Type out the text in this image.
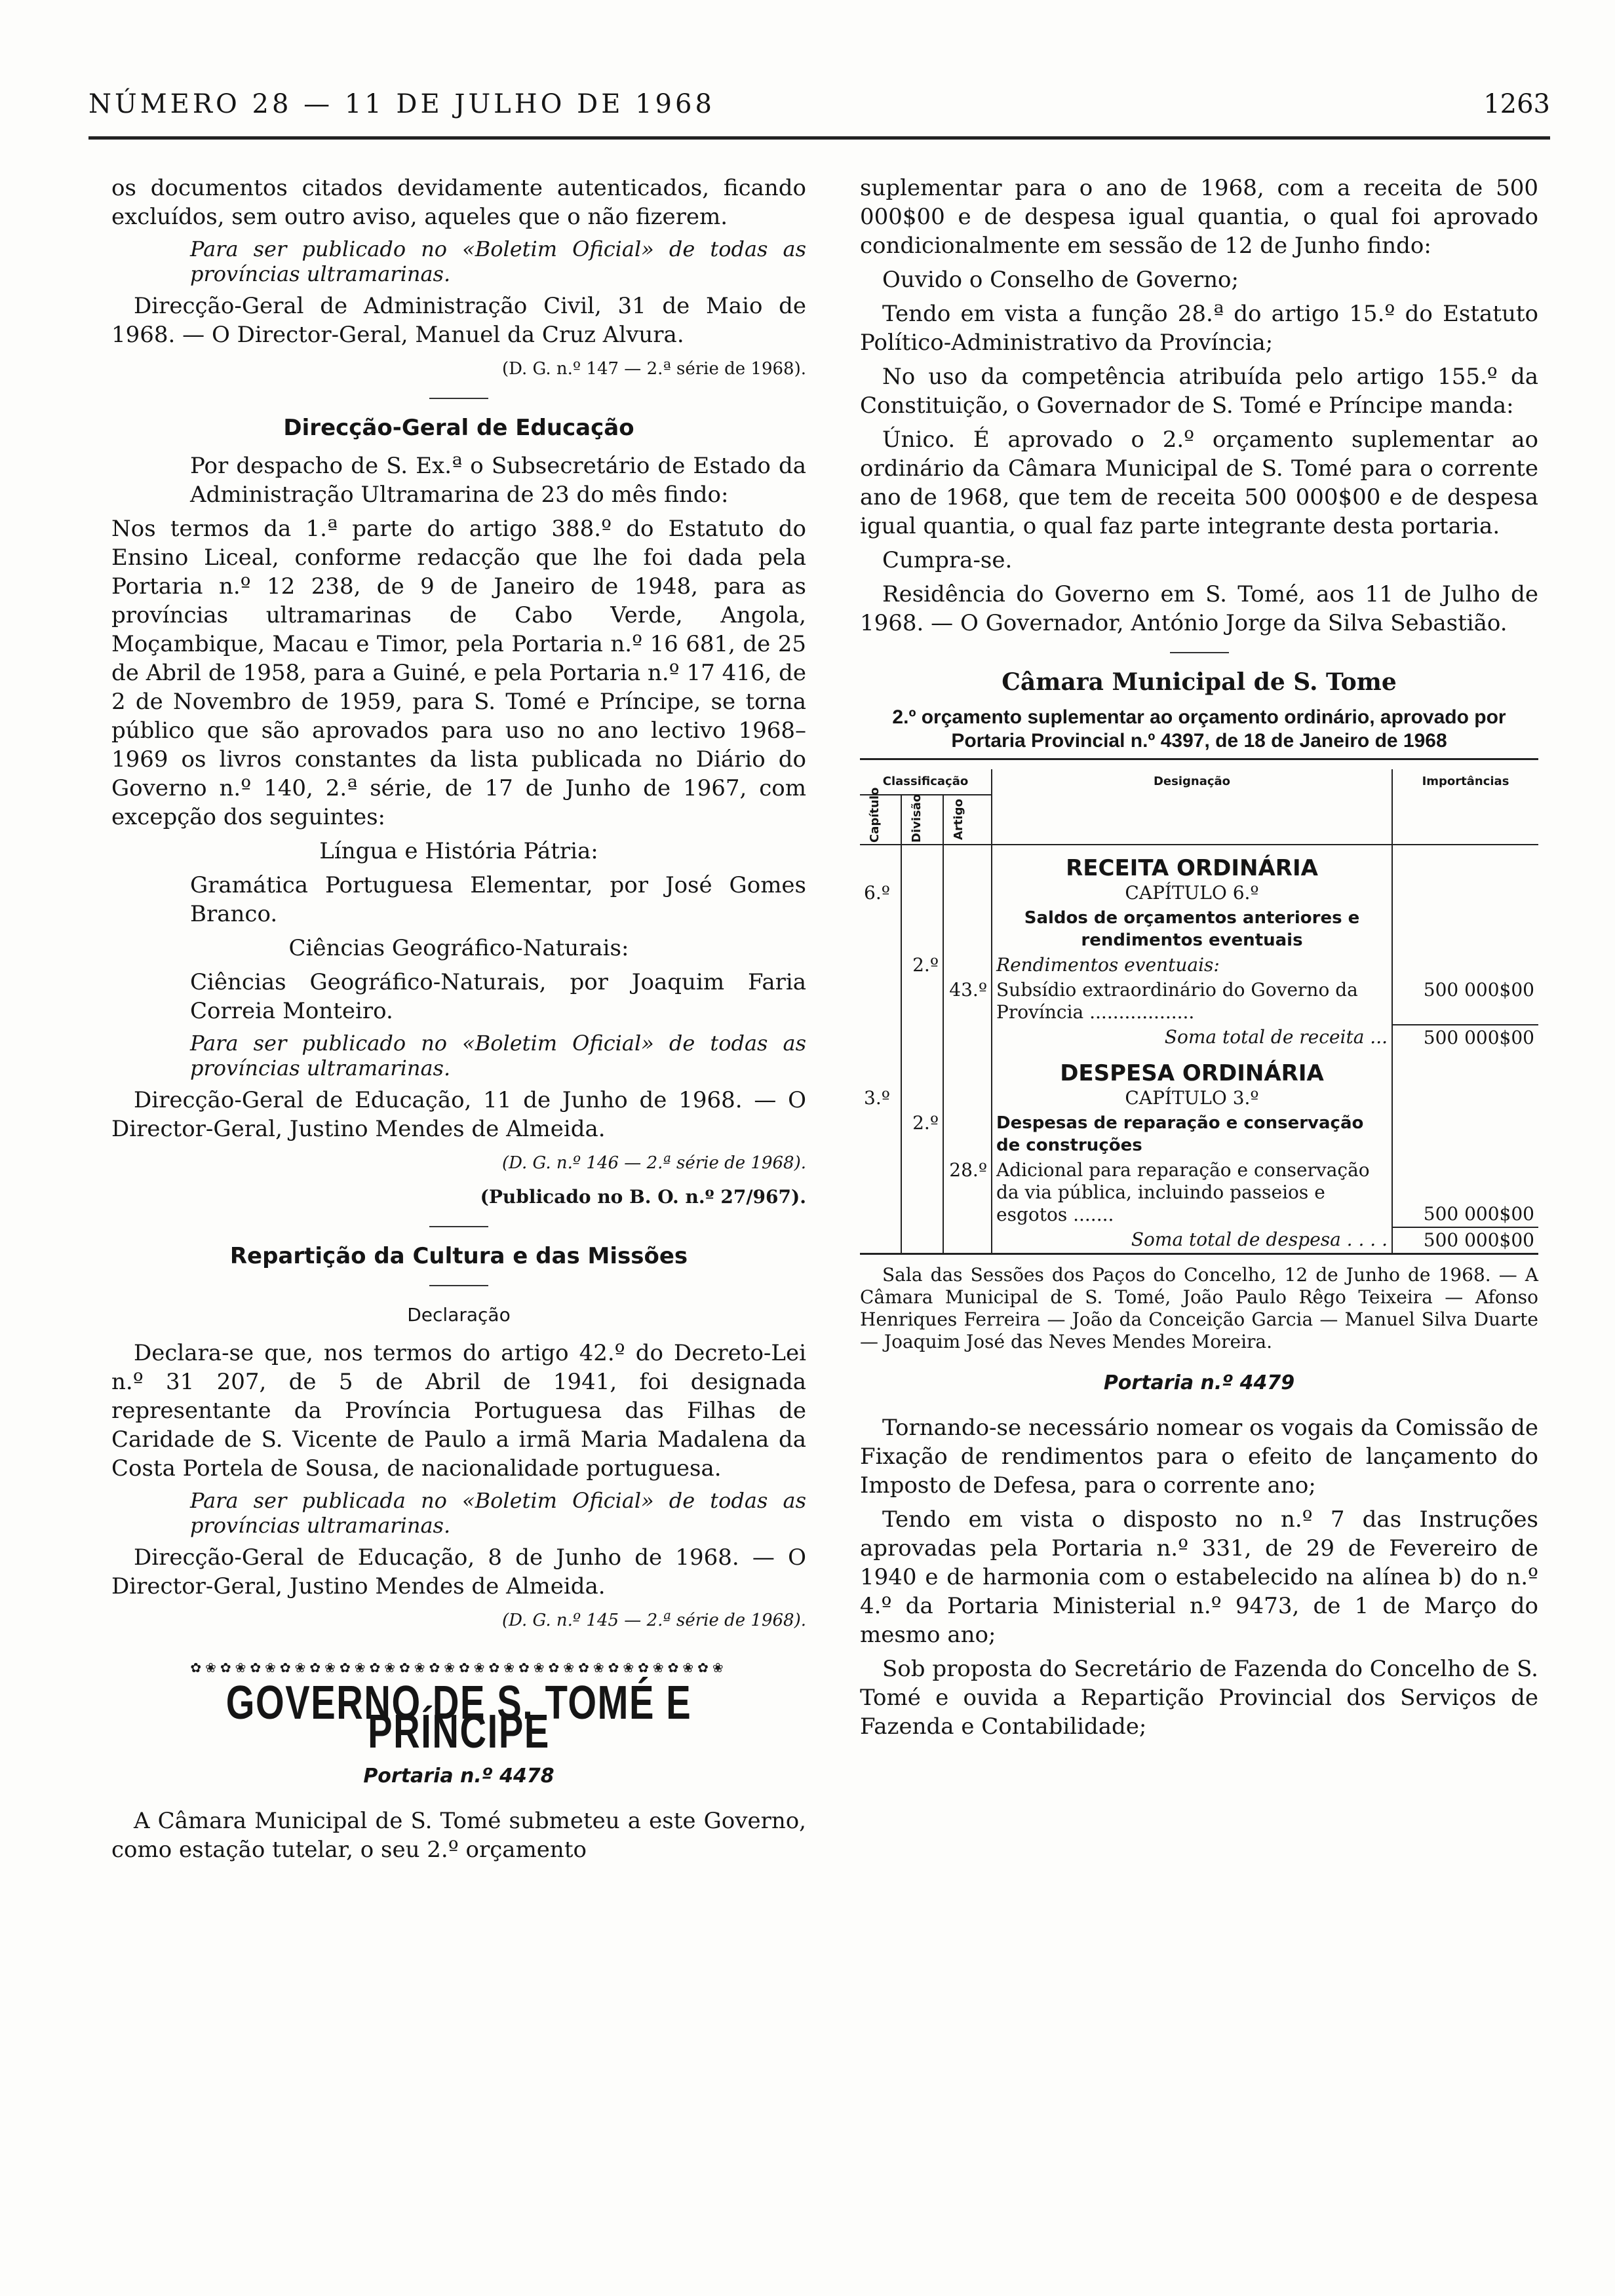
NÚMERO 28 — 11 DE JULHO DE 1968	1263

os documentos citados devidamente autenticados, ficando excluídos, sem outro aviso, aqueles que o não fizerem.

Para ser publicado no «Boletim Oficial» de todas as províncias ultramarinas.

Direcção-Geral de Administração Civil, 31 de Maio de 1968. — O Director-Geral, Manuel da Cruz Alvura.

(D. G. n.º 147 — 2.ª série de 1968).

Direcção-Geral de Educação

Por despacho de S. Ex.ª o Subsecretário de Estado da Administração Ultramarina de 23 do mês findo:

Nos termos da 1.ª parte do artigo 388.º do Estatuto do Ensino Liceal, conforme redacção que lhe foi dada pela Portaria n.º 12 238, de 9 de Janeiro de 1948, para as províncias ultramarinas de Cabo Verde, Angola, Moçambique, Macau e Timor, pela Portaria n.º 16 681, de 25 de Abril de 1958, para a Guiné, e pela Portaria n.º 17 416, de 2 de Novembro de 1959, para S. Tomé e Príncipe, se torna público que são aprovados para uso no ano lectivo 1968–1969 os livros constantes da lista publicada no Diário do Governo n.º 140, 2.ª série, de 17 de Junho de 1967, com excepção dos seguintes:

Língua e História Pátria:

Gramática Portuguesa Elementar, por José Gomes Branco.

Ciências Geográfico-Naturais:

Ciências Geográfico-Naturais, por Joaquim Faria Correia Monteiro.

Para ser publicado no «Boletim Oficial» de todas as províncias ultramarinas.

Direcção-Geral de Educação, 11 de Junho de 1968. — O Director-Geral, Justino Mendes de Almeida.

(D. G. n.º 146 — 2.ª série de 1968).

(Publicado no B. O. n.º 27/967).

Repartição da Cultura e das Missões
Declaração

Declara-se que, nos termos do artigo 42.º do Decreto-Lei n.º 31 207, de 5 de Abril de 1941, foi designada representante da Província Portuguesa das Filhas de Caridade de S. Vicente de Paulo a irmã Maria Madalena da Costa Portela de Sousa, de nacionalidade portuguesa.

Para ser publicada no «Boletim Oficial» de todas as províncias ultramarinas.

Direcção-Geral de Educação, 8 de Junho de 1968. — O Director-Geral, Justino Mendes de Almeida.

(D. G. n.º 145 — 2.ª série de 1968).

✿❀✿❀✿❀✿❀✿❀✿❀✿❀✿❀✿❀✿❀✿❀✿❀✿❀✿❀✿❀✿❀✿❀✿❀
GOVERNO DE S. TOMÉ E PRÍNCIPE
Portaria n.º 4478

A Câmara Municipal de S. Tomé submeteu a este Governo, como estação tutelar, o seu 2.º orçamento

suplementar para o ano de 1968, com a receita de 500 000$00 e de despesa igual quantia, o qual foi aprovado condicionalmente em sessão de 12 de Junho findo:

Ouvido o Conselho de Governo;

Tendo em vista a função 28.ª do artigo 15.º do Estatuto Político-Administrativo da Província;

No uso da competência atribuída pelo artigo 155.º da Constituição, o Governador de S. Tomé e Príncipe manda:

Único. É aprovado o 2.º orçamento suplementar ao ordinário da Câmara Municipal de S. Tomé para o corrente ano de 1968, que tem de receita 500 000$00 e de despesa igual quantia, o qual faz parte integrante desta portaria.

Cumpra-se.

Residência do Governo em S. Tomé, aos 11 de Julho de 1968. — O Governador, António Jorge da Silva Sebastião.

Câmara Municipal de S. Tome

2.º orçamento suplementar ao orçamento ordinário, aprovado por Portaria Provincial n.º 4397, de 18 de Janeiro de 1968

Classificação			Designação	Importâncias

Capítulo	Divisão	Artigo		

			RECEITA ORDINÁRIA	
6.º			CAPÍTULO 6.º	
			Saldos de orçamentos anteriores e rendimentos eventuais	
	2.º		Rendimentos eventuais:	
		43.º	Subsídio extraordinário do Governo da Província ..................	500 000$00
			Soma total de receita ...	500 000$00
			DESPESA ORDINÁRIA	
3.º			CAPÍTULO 3.º	
	2.º		Despesas de reparação e conservação de construções	
		28.º	Adicional para reparação e conservação da via pública, incluindo passeios e esgotos .......	500 000$00
			Soma total de despesa . . . .	500 000$00

Sala das Sessões dos Paços do Concelho, 12 de Junho de 1968. — A Câmara Municipal de S. Tomé, João Paulo Rêgo Teixeira — Afonso Henriques Ferreira — João da Conceição Garcia — Manuel Silva Duarte — Joaquim José das Neves Mendes Moreira.

Portaria n.º 4479

Tornando-se necessário nomear os vogais da Comissão de Fixação de rendimentos para o efeito de lançamento do Imposto de Defesa, para o corrente ano;

Tendo em vista o disposto no n.º 7 das Instruções aprovadas pela Portaria n.º 331, de 29 de Fevereiro de 1940 e de harmonia com o estabelecido na alínea b) do n.º 4.º da Portaria Ministerial n.º 9473, de 1 de Março do mesmo ano;

Sob proposta do Secretário de Fazenda do Concelho de S. Tomé e ouvida a Repartição Provincial dos Serviços de Fazenda e Contabilidade;
